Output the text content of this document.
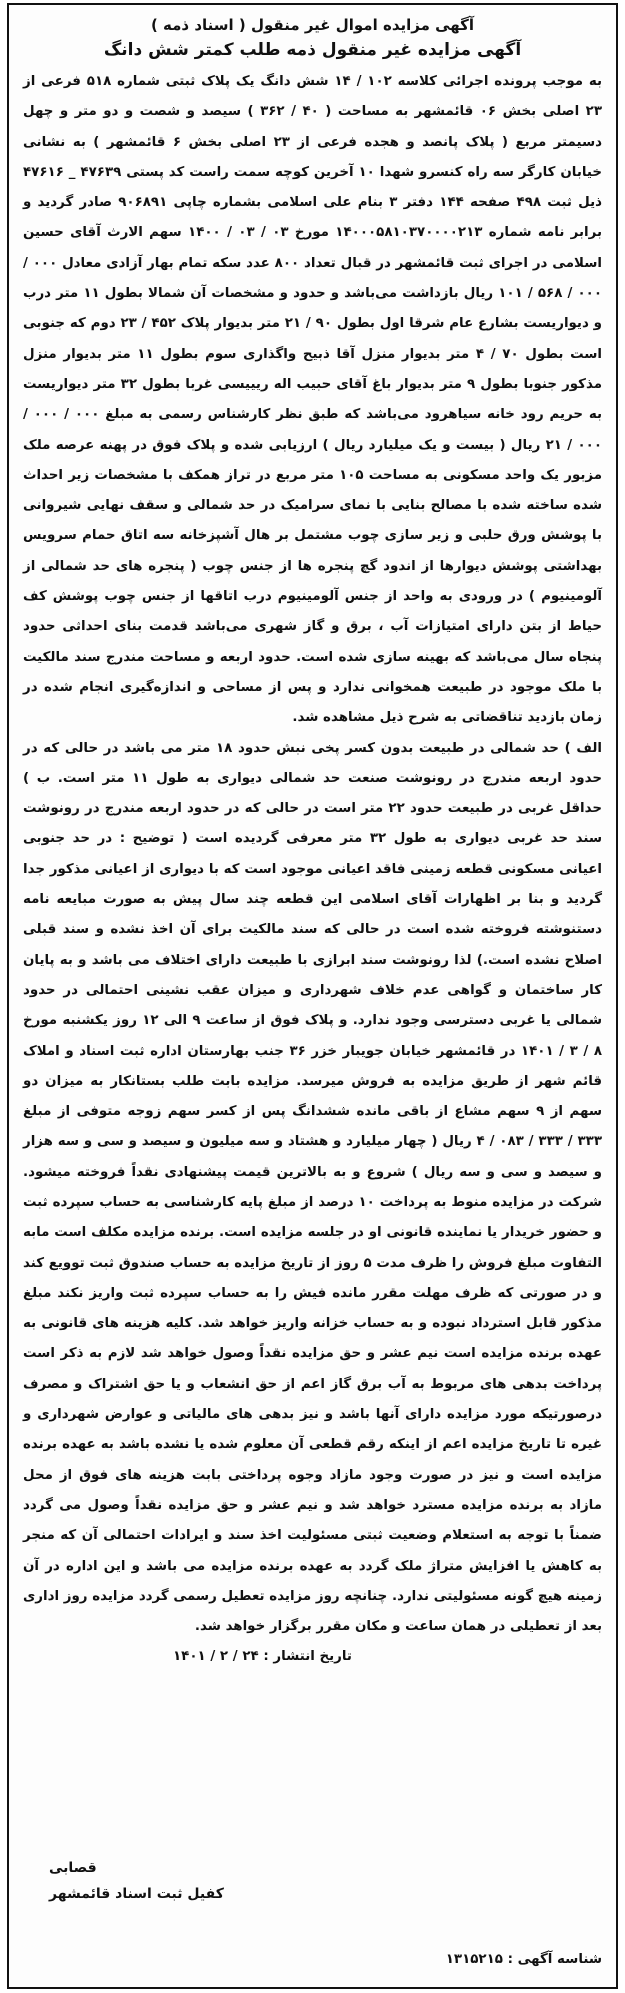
آگهی مزایده اموال غیر منقول ( اسناد ذمه )
آگهی مزایده غیر منقول ذمه طلب کمتر شش دانگ
به موجب پرونده اجرائی کلاسه ۱۰۲ / ۱۴ شش دانگ یک پلاک ثبتی شماره ۵۱۸ فرعی از ۲۳ اصلی بخش ۰۶ قائمشهر به مساحت ( ۴۰ / ۳۶۲ ) سیصد و شصت و دو متر و چهل دسیمتر مربع ( پلاک پانصد و هجده فرعی از ۲۳ اصلی بخش ۶ قائمشهر ) به نشانی خیابان کارگر سه راه کنسرو شهدا ۱۰ آخرین کوچه سمت راست کد پستی ۴۷۶۳۹ _ ۴۷۶۱۶ ذیل ثبت ۴۹۸ صفحه ۱۴۴ دفتر ۳ بنام علی اسلامی بشماره چاپی ۹۰۶۸۹۱ صادر گردید و برابر نامه شماره ۱۴۰۰۰۵۸۱۰۳۷۰۰۰۰۲۱۳ مورخ ۰۳ / ۰۳ / ۱۴۰۰ سهم الارث آقای حسین اسلامی در اجرای ثبت قائمشهر در قبال تعداد ۸۰۰ عدد سکه تمام بهار آزادی معادل ۰۰۰ / ۰۰۰ / ۵۶۸ / ۱۰۱ ریال بازداشت می‌باشد و حدود و مشخصات آن شمالا بطول ۱۱ متر درب و دیواریست بشارع عام شرقا اول بطول ۹۰ / ۲۱ متر بدیوار پلاک ۴۵۲ / ۲۳ دوم که جنوبی است بطول ۷۰ / ۴ متر بدیوار منزل آقا ذبیح واگذاری سوم بطول ۱۱ متر بدیوار منزل مذکور جنوبا بطول ۹ متر بدیوار باغ آقای حبیب اله ریییسی غربا بطول ۳۲ متر دیواریست به حریم رود خانه سیاهرود می‌باشد که طبق نظر کارشناس رسمی به مبلغ ۰۰۰ / ۰۰۰ / ۰۰۰ / ۲۱ ریال ( بیست و یک میلیارد ریال ) ارزیابی شده و پلاک فوق در پهنه عرصه ملک مزبور یک واحد مسکونی به مساحت ۱۰۵ متر مربع در تراز همکف با مشخصات زیر احداث شده ساخته شده با مصالح بنایی با نمای سرامیک در حد شمالی و سقف نهایی شیروانی با پوشش ورق حلبی و زیر سازی چوب مشتمل بر هال آشپزخانه سه اتاق حمام سرویس بهداشتی پوشش دیوارها از اندود گچ پنجره ها از جنس چوب ( پنجره های حد شمالی از آلومینیوم ) در ورودی به واحد از جنس آلومینیوم درب اتاقها از جنس چوب پوشش کف حیاط از بتن دارای امتیازات آب ، برق و گاز شهری می‌باشد قدمت بنای احداثی حدود پنجاه سال می‌باشد که بهینه سازی شده است. حدود اربعه و مساحت مندرج سند مالکیت با ملک موجود در طبیعت همخوانی ندارد و پس از مساحی و اندازه‌گیری انجام شده در زمان بازدید تناقضاتی به شرح ذیل مشاهده شد.
الف ) حد شمالی در طبیعت بدون کسر پخی نبش حدود ۱۸ متر می باشد در حالی که در حدود اربعه مندرج در رونوشت صنعت حد شمالی دیواری به طول ۱۱ متر است. ب ) حداقل غربی در طبیعت حدود ۲۲ متر است در حالی که در حدود اربعه مندرج در رونوشت سند حد غربی دیواری به طول ۳۲ متر معرفی گردیده است ( توضیح : در حد جنوبی اعیانی مسکونی قطعه زمینی فاقد اعیانی موجود است که با دیواری از اعیانی مذکور جدا گردید و بنا بر اظهارات آقای اسلامی این قطعه چند سال پیش به صورت مبایعه نامه دستنوشته فروخته شده است در حالی که سند مالکیت برای آن اخذ نشده و سند قبلی اصلاح نشده است.) لذا رونوشت سند ابرازی با طبیعت دارای اختلاف می باشد و به پایان کار ساختمان و گواهی عدم خلاف شهرداری و میزان عقب نشینی احتمالی در حدود شمالی یا غربی دسترسی وجود ندارد. و پلاک فوق از ساعت ۹ الی ۱۲ روز یکشنبه مورخ ۸ / ۳ / ۱۴۰۱ در قائمشهر خیابان جویبار خزر ۳۶ جنب بهارستان اداره ثبت اسناد و املاک قائم شهر از طریق مزایده به فروش میرسد. مزایده بابت طلب بستانکار به میزان دو سهم از ۹ سهم مشاع از باقی مانده ششدانگ پس از کسر سهم زوجه متوفی از مبلغ ۳۳۳ / ۳۳۳ / ۰۸۳ / ۴ ریال ( چهار میلیارد و هشتاد و سه میلیون و سیصد و سی و سه هزار و سیصد و سی و سه ریال ) شروع و به بالاترین قیمت پیشنهادی نقداً فروخته میشود. شرکت در مزایده منوط به پرداخت ۱۰ درصد از مبلغ پایه کارشناسی به حساب سپرده ثبت و حضور خریدار یا نماینده قانونی او در جلسه مزایده است. برنده مزایده مکلف است مابه التفاوت مبلغ فروش را ظرف مدت ۵ روز از تاریخ مزایده به حساب صندوق ثبت توویع کند و در صورتی که ظرف مهلت مقرر مانده فیش را به حساب سپرده ثبت واریز نکند مبلغ مذکور قابل استرداد نبوده و به حساب خزانه واریز خواهد شد. کلیه هزینه های قانونی به عهده برنده مزایده است نیم عشر و حق مزایده نقداً وصول خواهد شد لازم به ذکر است پرداخت بدهی های مربوط به آب برق گاز اعم از حق انشعاب و یا حق اشتراک و مصرف درصورتیکه مورد مزایده دارای آنها باشد و نیز بدهی های مالیاتی و عوارض شهرداری و غیره تا تاریخ مزایده اعم از اینکه رقم قطعی آن معلوم شده یا نشده باشد به عهده برنده مزایده است و نیز در صورت وجود مازاد وجوه پرداختی بابت هزینه های فوق از محل مازاد به برنده مزایده مسترد خواهد شد و نیم عشر و حق مزایده نقداً وصول می گردد ضمناً با توجه به استعلام وضعیت ثبتی مسئولیت اخذ سند و ایرادات احتمالی آن که منجر به کاهش یا افزایش متراژ ملک گردد به عهده برنده مزایده می باشد و این اداره در آن زمینه هیچ گونه مسئولیتی ندارد. چنانچه روز مزایده تعطیل رسمی گردد مزایده روز اداری بعد از تعطیلی در همان ساعت و مکان مقرر برگزار خواهد شد.
تاریخ انتشار : ۲۴ / ۲ / ۱۴۰۱
قصابی
کفیل ثبت اسناد قائمشهر
شناسه آگهی : ۱۳۱۵۲۱۵
